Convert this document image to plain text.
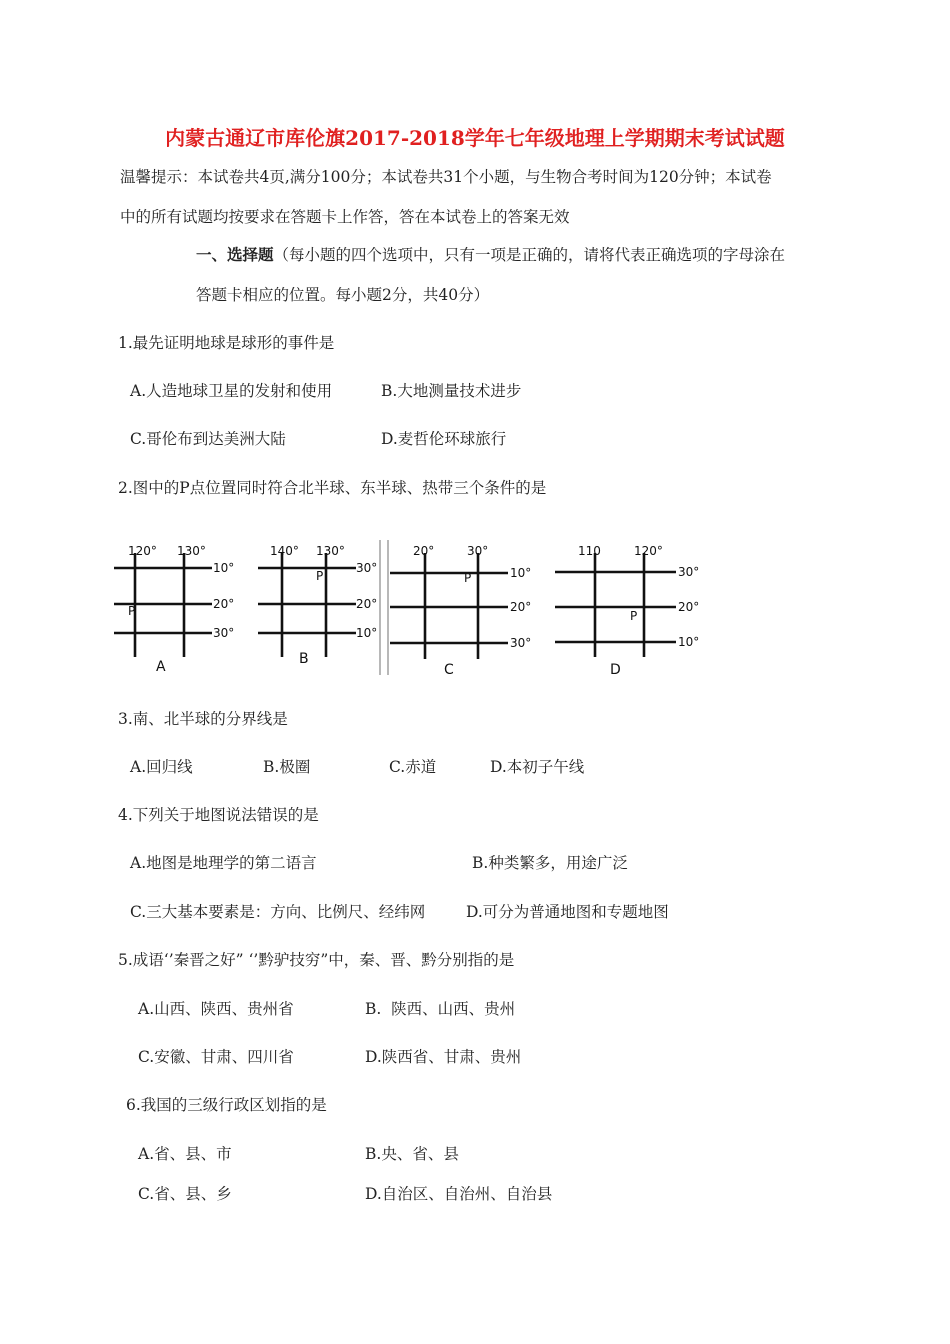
内蒙古通辽市库伦旗2017-2018学年七年级地理上学期期末考试试题
温馨提示：本试卷共4页,满分100分；本试卷共31个小题，与生物合考时间为120分钟；本试卷
中的所有试题均按要求在答题卡上作答，答在本试卷上的答案无效
一、选择题（每小题的四个选项中，只有一项是正确的，请将代表正确选项的字母涂在
答题卡相应的位置。每小题2分，共40分）
1.最先证明地球是球形的事件是
A.人造地球卫星的发射和使用	B.大地测量技术进步
C.哥伦布到达美洲大陆	D.麦哲伦环球旅行
2.图中的P点位置同时符合北半球、东半球、热带三个条件的是
120° 130°
10°
20°
30°
P
A
140° 130°
30°
20°
10°
P
B
20°	30°
10°
20°
30°
P
C
110	120°
30°
20°
10°
P
D
3.南、北半球的分界线是
A.回归线	B.极圈	C.赤道	D.本初子午线
4.下列关于地图说法错误的是
A.地图是地理学的第二语言	B.种类繁多，用途广泛
C.三大基本要素是：方向、比例尺、经纬网	D.可分为普通地图和专题地图
5.成语‘’秦晋之好” ‘’黔驴技穷”中，秦、晋、黔分别指的是
A.山西、陕西、贵州省	B.  陕西、山西、贵州
C.安徽、甘肃、四川省	D.陕西省、甘肃、贵州
6.我国的三级行政区划指的是
A.省、县、市	B.央、省、县
C.省、县、乡	D.自治区、自治州、自治县
